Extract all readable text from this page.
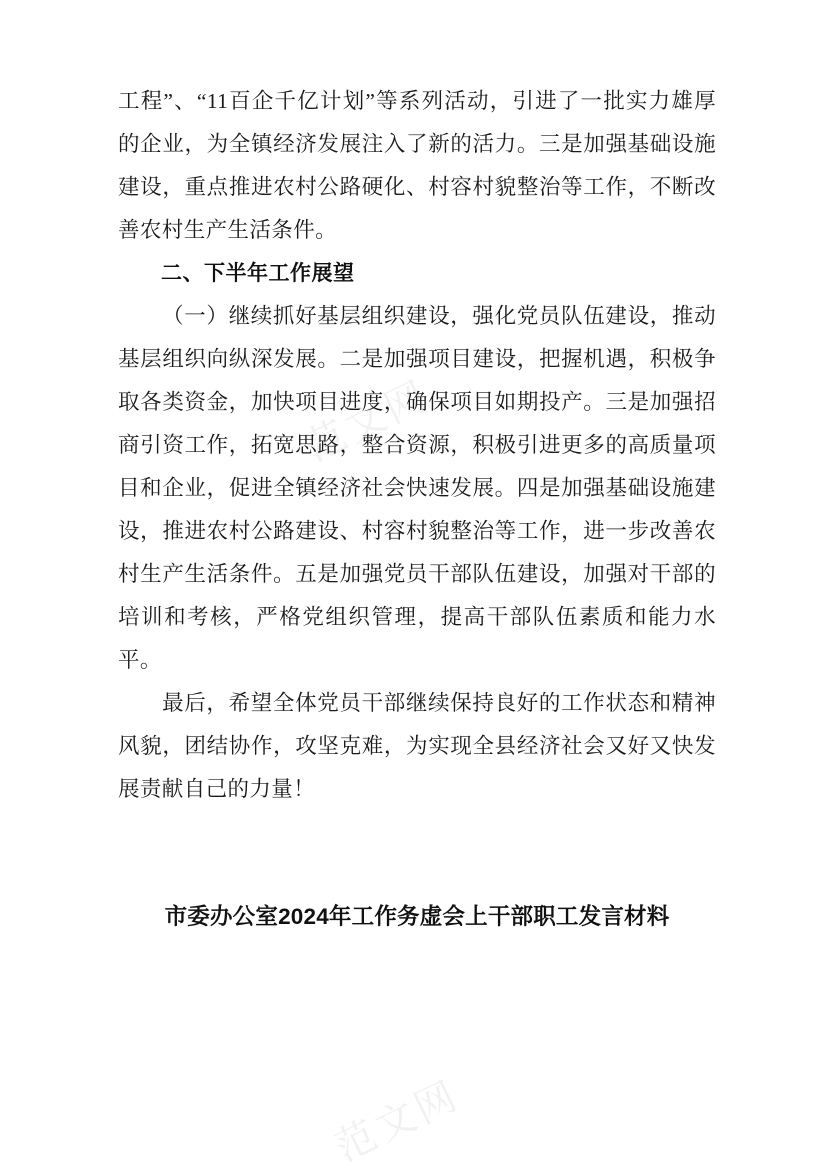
范文网
范文网

工程”、“11百企千亿计划”等系列活动，引进了一批实力雄厚的企业，为全镇经济发展注入了新的活力。三是加强基础设施建设，重点推进农村公路硬化、村容村貌整治等工作，不断改善农村生产生活条件。

二、下半年工作展望

（一）继续抓好基层组织建设，强化党员队伍建设，推动基层组织向纵深发展。二是加强项目建设，把握机遇，积极争取各类资金，加快项目进度，确保项目如期投产。三是加强招商引资工作，拓宽思路，整合资源，积极引进更多的高质量项目和企业，促进全镇经济社会快速发展。四是加强基础设施建设，推进农村公路建设、村容村貌整治等工作，进一步改善农村生产生活条件。五是加强党员干部队伍建设，加强对干部的培训和考核，严格党组织管理，提高干部队伍素质和能力水平。

最后，希望全体党员干部继续保持良好的工作状态和精神风貌，团结协作，攻坚克难，为实现全县经济社会又好又快发展责献自己的力量！

市委办公室2024年工作务虚会上干部职工发言材料
